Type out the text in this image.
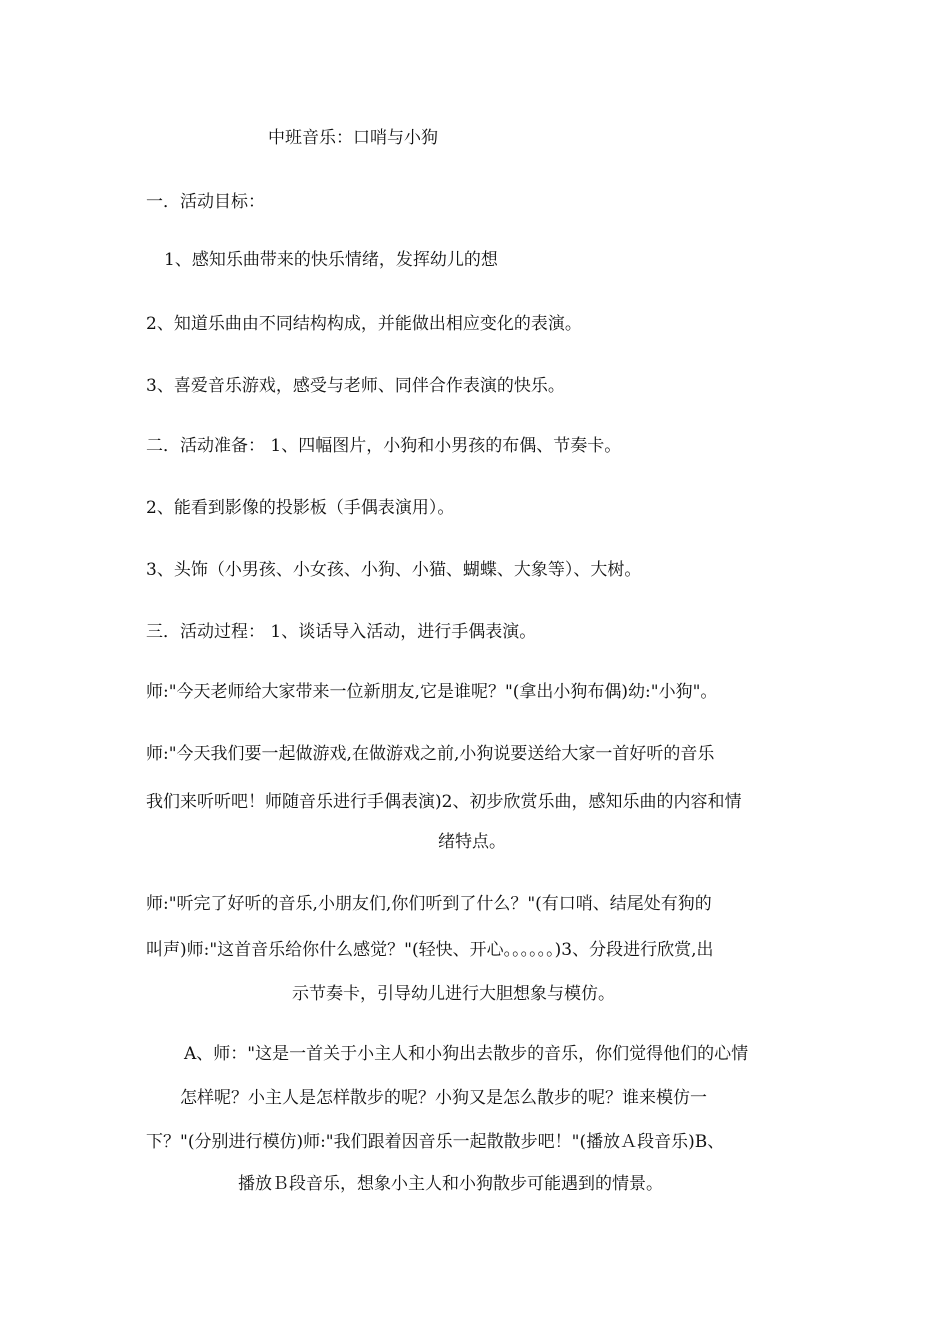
中班音乐：口哨与小狗

一．活动目标：

1、感知乐曲带来的快乐情绪，发挥幼儿的想

2、知道乐曲由不同结构构成，并能做出相应变化的表演。

3、喜爱音乐游戏，感受与老师、同伴合作表演的快乐。

二．活动准备： 1、四幅图片，小狗和小男孩的布偶、节奏卡。

2、能看到影像的投影板（手偶表演用）。

3、头饰（小男孩、小女孩、小狗、小猫、蝴蝶、大象等）、大树。

三．活动过程： 1、谈话导入活动，进行手偶表演。

师:"今天老师给大家带来一位新朋友,它是谁呢？"(拿出小狗布偶)幼:"小狗"。

师:"今天我们要一起做游戏,在做游戏之前,小狗说要送给大家一首好听的音乐

我们来听听吧！师随音乐进行手偶表演)2、初步欣赏乐曲，感知乐曲的内容和情

绪特点。

师:"听完了好听的音乐,小朋友们,你们听到了什么？"(有口哨、结尾处有狗的

叫声)师:"这首音乐给你什么感觉？"(轻快、开心。。。。。。)3、分段进行欣赏,出

示节奏卡，引导幼儿进行大胆想象与模仿。

A、师："这是一首关于小主人和小狗出去散步的音乐，你们觉得他们的心情

怎样呢？小主人是怎样散步的呢？小狗又是怎么散步的呢？谁来模仿一

下？"(分别进行模仿)师:"我们跟着因音乐一起散散步吧！"(播放Ａ段音乐)B、

播放Ｂ段音乐，想象小主人和小狗散步可能遇到的情景。
